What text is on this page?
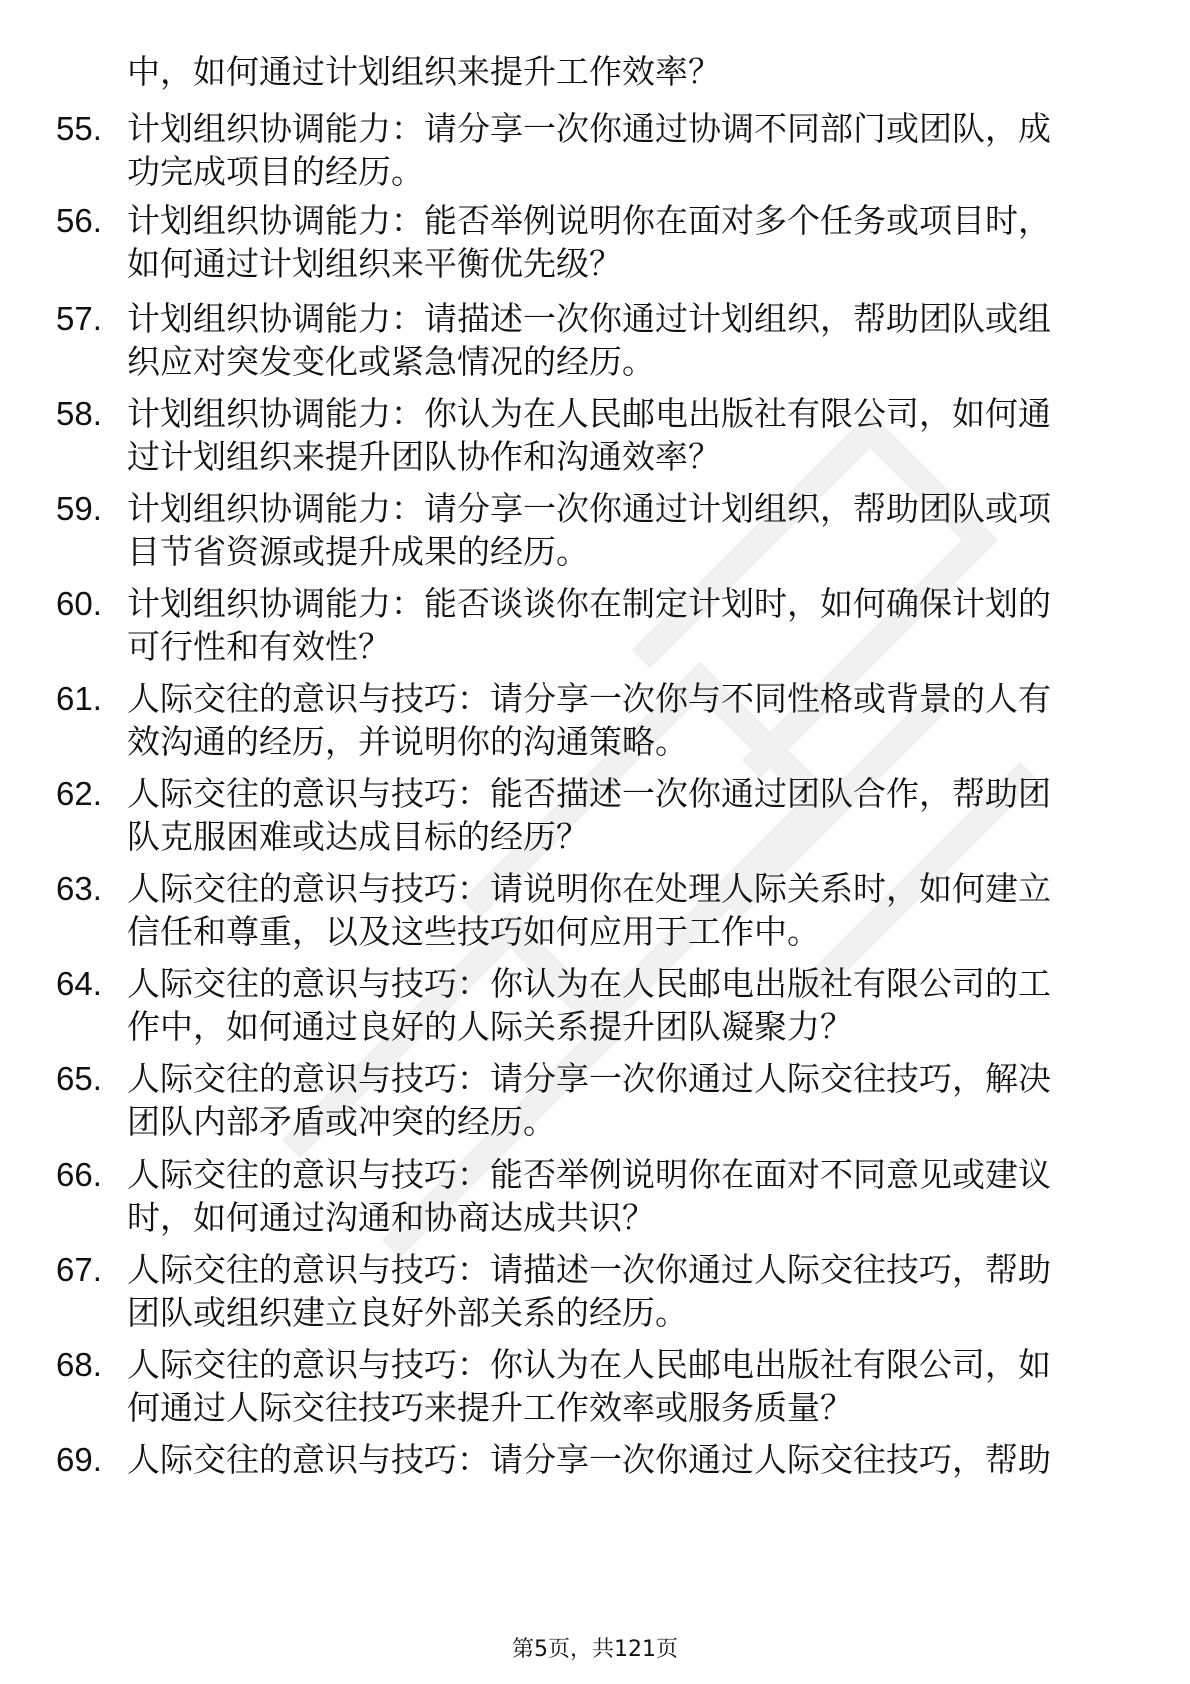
中，如何通过计划组织来提升工作效率？
55. 计划组织协调能力：请分享一次你通过协调不同部门或团队，成
功完成项目的经历。
56. 计划组织协调能力：能否举例说明你在面对多个任务或项目时，
如何通过计划组织来平衡优先级？
57. 计划组织协调能力：请描述一次你通过计划组织，帮助团队或组
织应对突发变化或紧急情况的经历。
58. 计划组织协调能力：你认为在人民邮电出版社有限公司，如何通
过计划组织来提升团队协作和沟通效率？
59. 计划组织协调能力：请分享一次你通过计划组织，帮助团队或项
目节省资源或提升成果的经历。
60. 计划组织协调能力：能否谈谈你在制定计划时，如何确保计划的
可行性和有效性？
61. 人际交往的意识与技巧：请分享一次你与不同性格或背景的人有
效沟通的经历，并说明你的沟通策略。
62. 人际交往的意识与技巧：能否描述一次你通过团队合作，帮助团
队克服困难或达成目标的经历？
63. 人际交往的意识与技巧：请说明你在处理人际关系时，如何建立
信任和尊重，以及这些技巧如何应用于工作中。
64. 人际交往的意识与技巧：你认为在人民邮电出版社有限公司的工
作中，如何通过良好的人际关系提升团队凝聚力？
65. 人际交往的意识与技巧：请分享一次你通过人际交往技巧，解决
团队内部矛盾或冲突的经历。
66. 人际交往的意识与技巧：能否举例说明你在面对不同意见或建议
时，如何通过沟通和协商达成共识？
67. 人际交往的意识与技巧：请描述一次你通过人际交往技巧，帮助
团队或组织建立良好外部关系的经历。
68. 人际交往的意识与技巧：你认为在人民邮电出版社有限公司，如
何通过人际交往技巧来提升工作效率或服务质量？
69. 人际交往的意识与技巧：请分享一次你通过人际交往技巧，帮助
第5页，共121页
